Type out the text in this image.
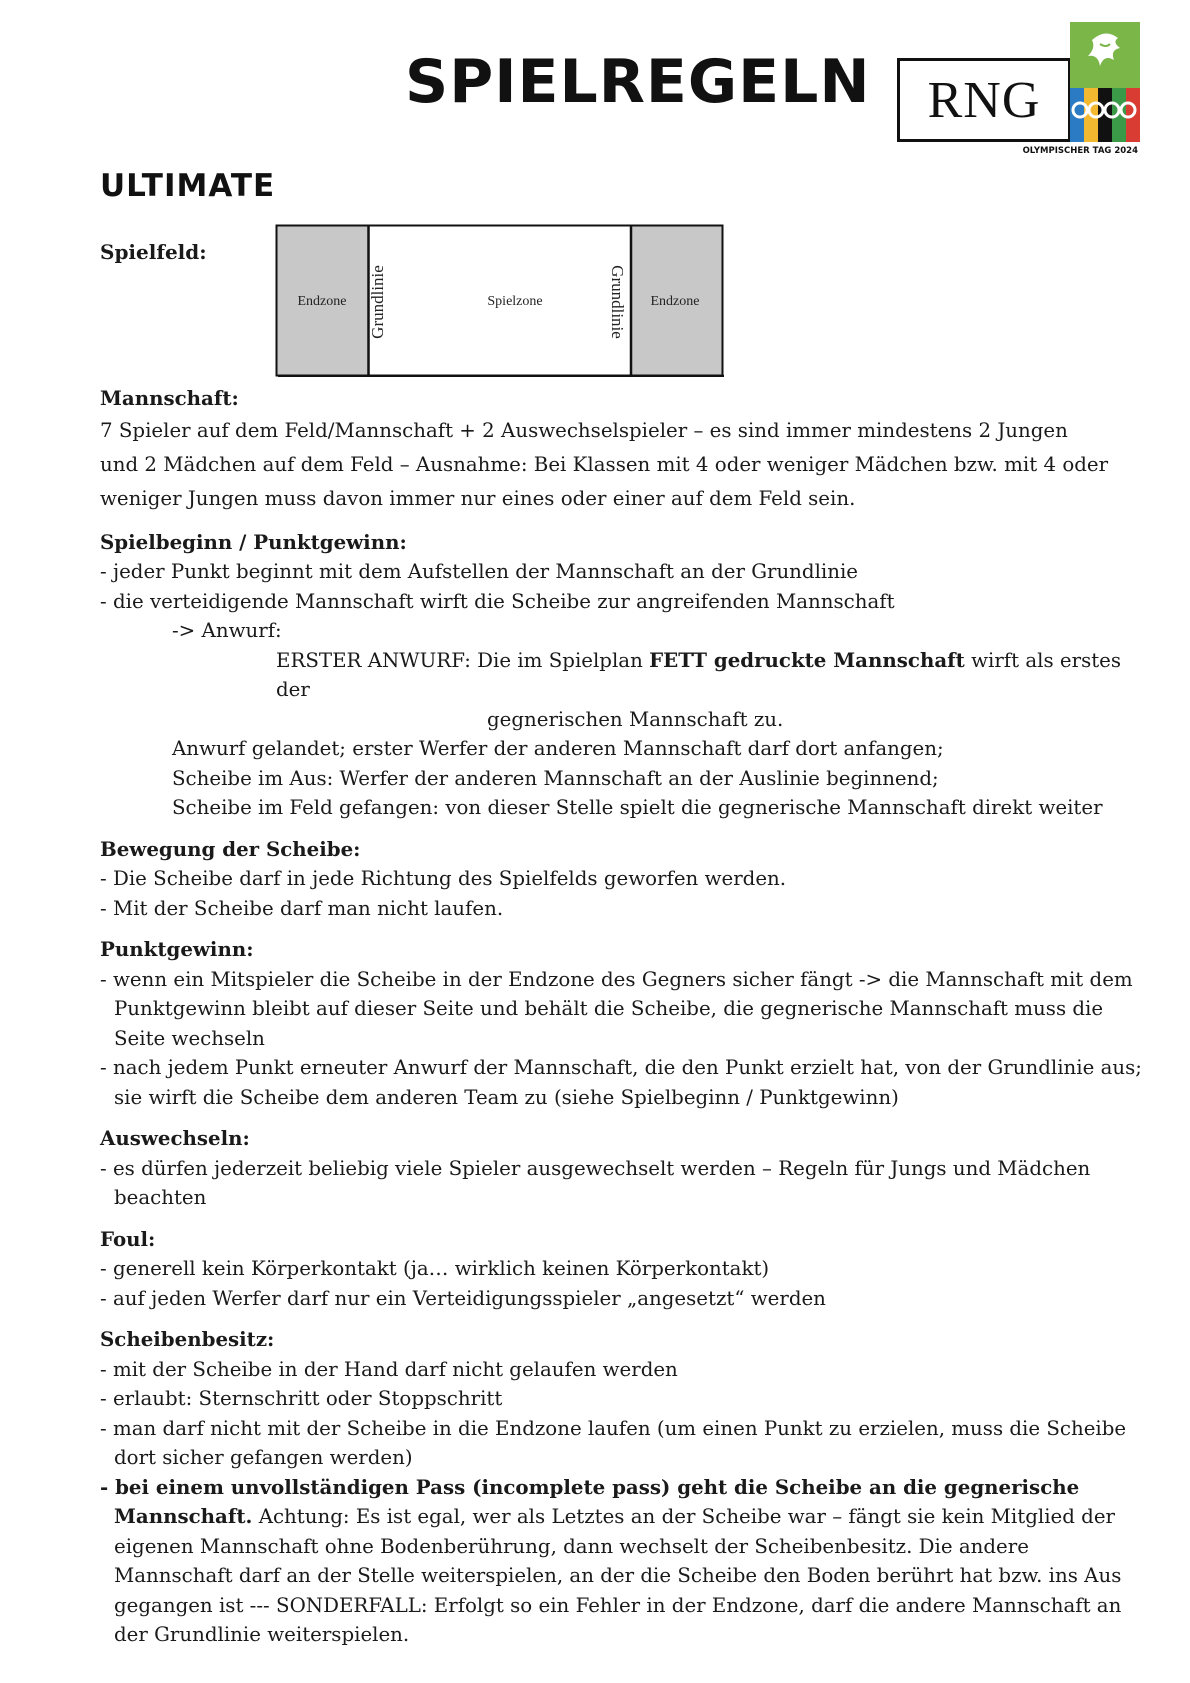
SPIELREGELN RNG
OLYMPISCHER TAG 2024
ULTIMATE
Spielfeld:
Endzone	Grundlinie	Spielzone	Grundlinie	Endzone
Mannschaft:
7 Spieler auf dem Feld/Mannschaft + 2 Auswechselspieler – es sind immer mindestens 2 Jungen
und 2 Mädchen auf dem Feld – Ausnahme: Bei Klassen mit 4 oder weniger Mädchen bzw. mit 4 oder
weniger Jungen muss davon immer nur eines oder einer auf dem Feld sein.
Spielbeginn / Punktgewinn:
- jeder Punkt beginnt mit dem Aufstellen der Mannschaft an der Grundlinie
- die verteidigende Mannschaft wirft die Scheibe zur angreifenden Mannschaft
-> Anwurf:
ERSTER ANWURF: Die im Spielplan FETT gedruckte Mannschaft wirft als erstes der
gegnerischen Mannschaft zu.
Anwurf gelandet; erster Werfer der anderen Mannschaft darf dort anfangen;
Scheibe im Aus: Werfer der anderen Mannschaft an der Auslinie beginnend;
Scheibe im Feld gefangen: von dieser Stelle spielt die gegnerische Mannschaft direkt weiter
Bewegung der Scheibe:
- Die Scheibe darf in jede Richtung des Spielfelds geworfen werden.
- Mit der Scheibe darf man nicht laufen.
Punktgewinn:
- wenn ein Mitspieler die Scheibe in der Endzone des Gegners sicher fängt -> die Mannschaft mit dem Punktgewinn bleibt auf dieser Seite und behält die Scheibe, die gegnerische Mannschaft muss die Seite wechseln
- nach jedem Punkt erneuter Anwurf der Mannschaft, die den Punkt erzielt hat, von der Grundlinie aus; sie wirft die Scheibe dem anderen Team zu (siehe Spielbeginn / Punktgewinn)
Auswechseln:
- es dürfen jederzeit beliebig viele Spieler ausgewechselt werden – Regeln für Jungs und Mädchen beachten
Foul:
- generell kein Körperkontakt (ja… wirklich keinen Körperkontakt)
- auf jeden Werfer darf nur ein Verteidigungsspieler „angesetzt“ werden
Scheibenbesitz:
- mit der Scheibe in der Hand darf nicht gelaufen werden
- erlaubt: Sternschritt oder Stoppschritt
- man darf nicht mit der Scheibe in die Endzone laufen (um einen Punkt zu erzielen, muss die Scheibe dort sicher gefangen werden)
- bei einem unvollständigen Pass (incomplete pass) geht die Scheibe an die gegnerische Mannschaft. Achtung: Es ist egal, wer als Letztes an der Scheibe war – fängt sie kein Mitglied der eigenen Mannschaft ohne Bodenberührung, dann wechselt der Scheibenbesitz. Die andere Mannschaft darf an der Stelle weiterspielen, an der die Scheibe den Boden berührt hat bzw. ins Aus gegangen ist --- SONDERFALL: Erfolgt so ein Fehler in der Endzone, darf die andere Mannschaft an der Grundlinie weiterspielen.
